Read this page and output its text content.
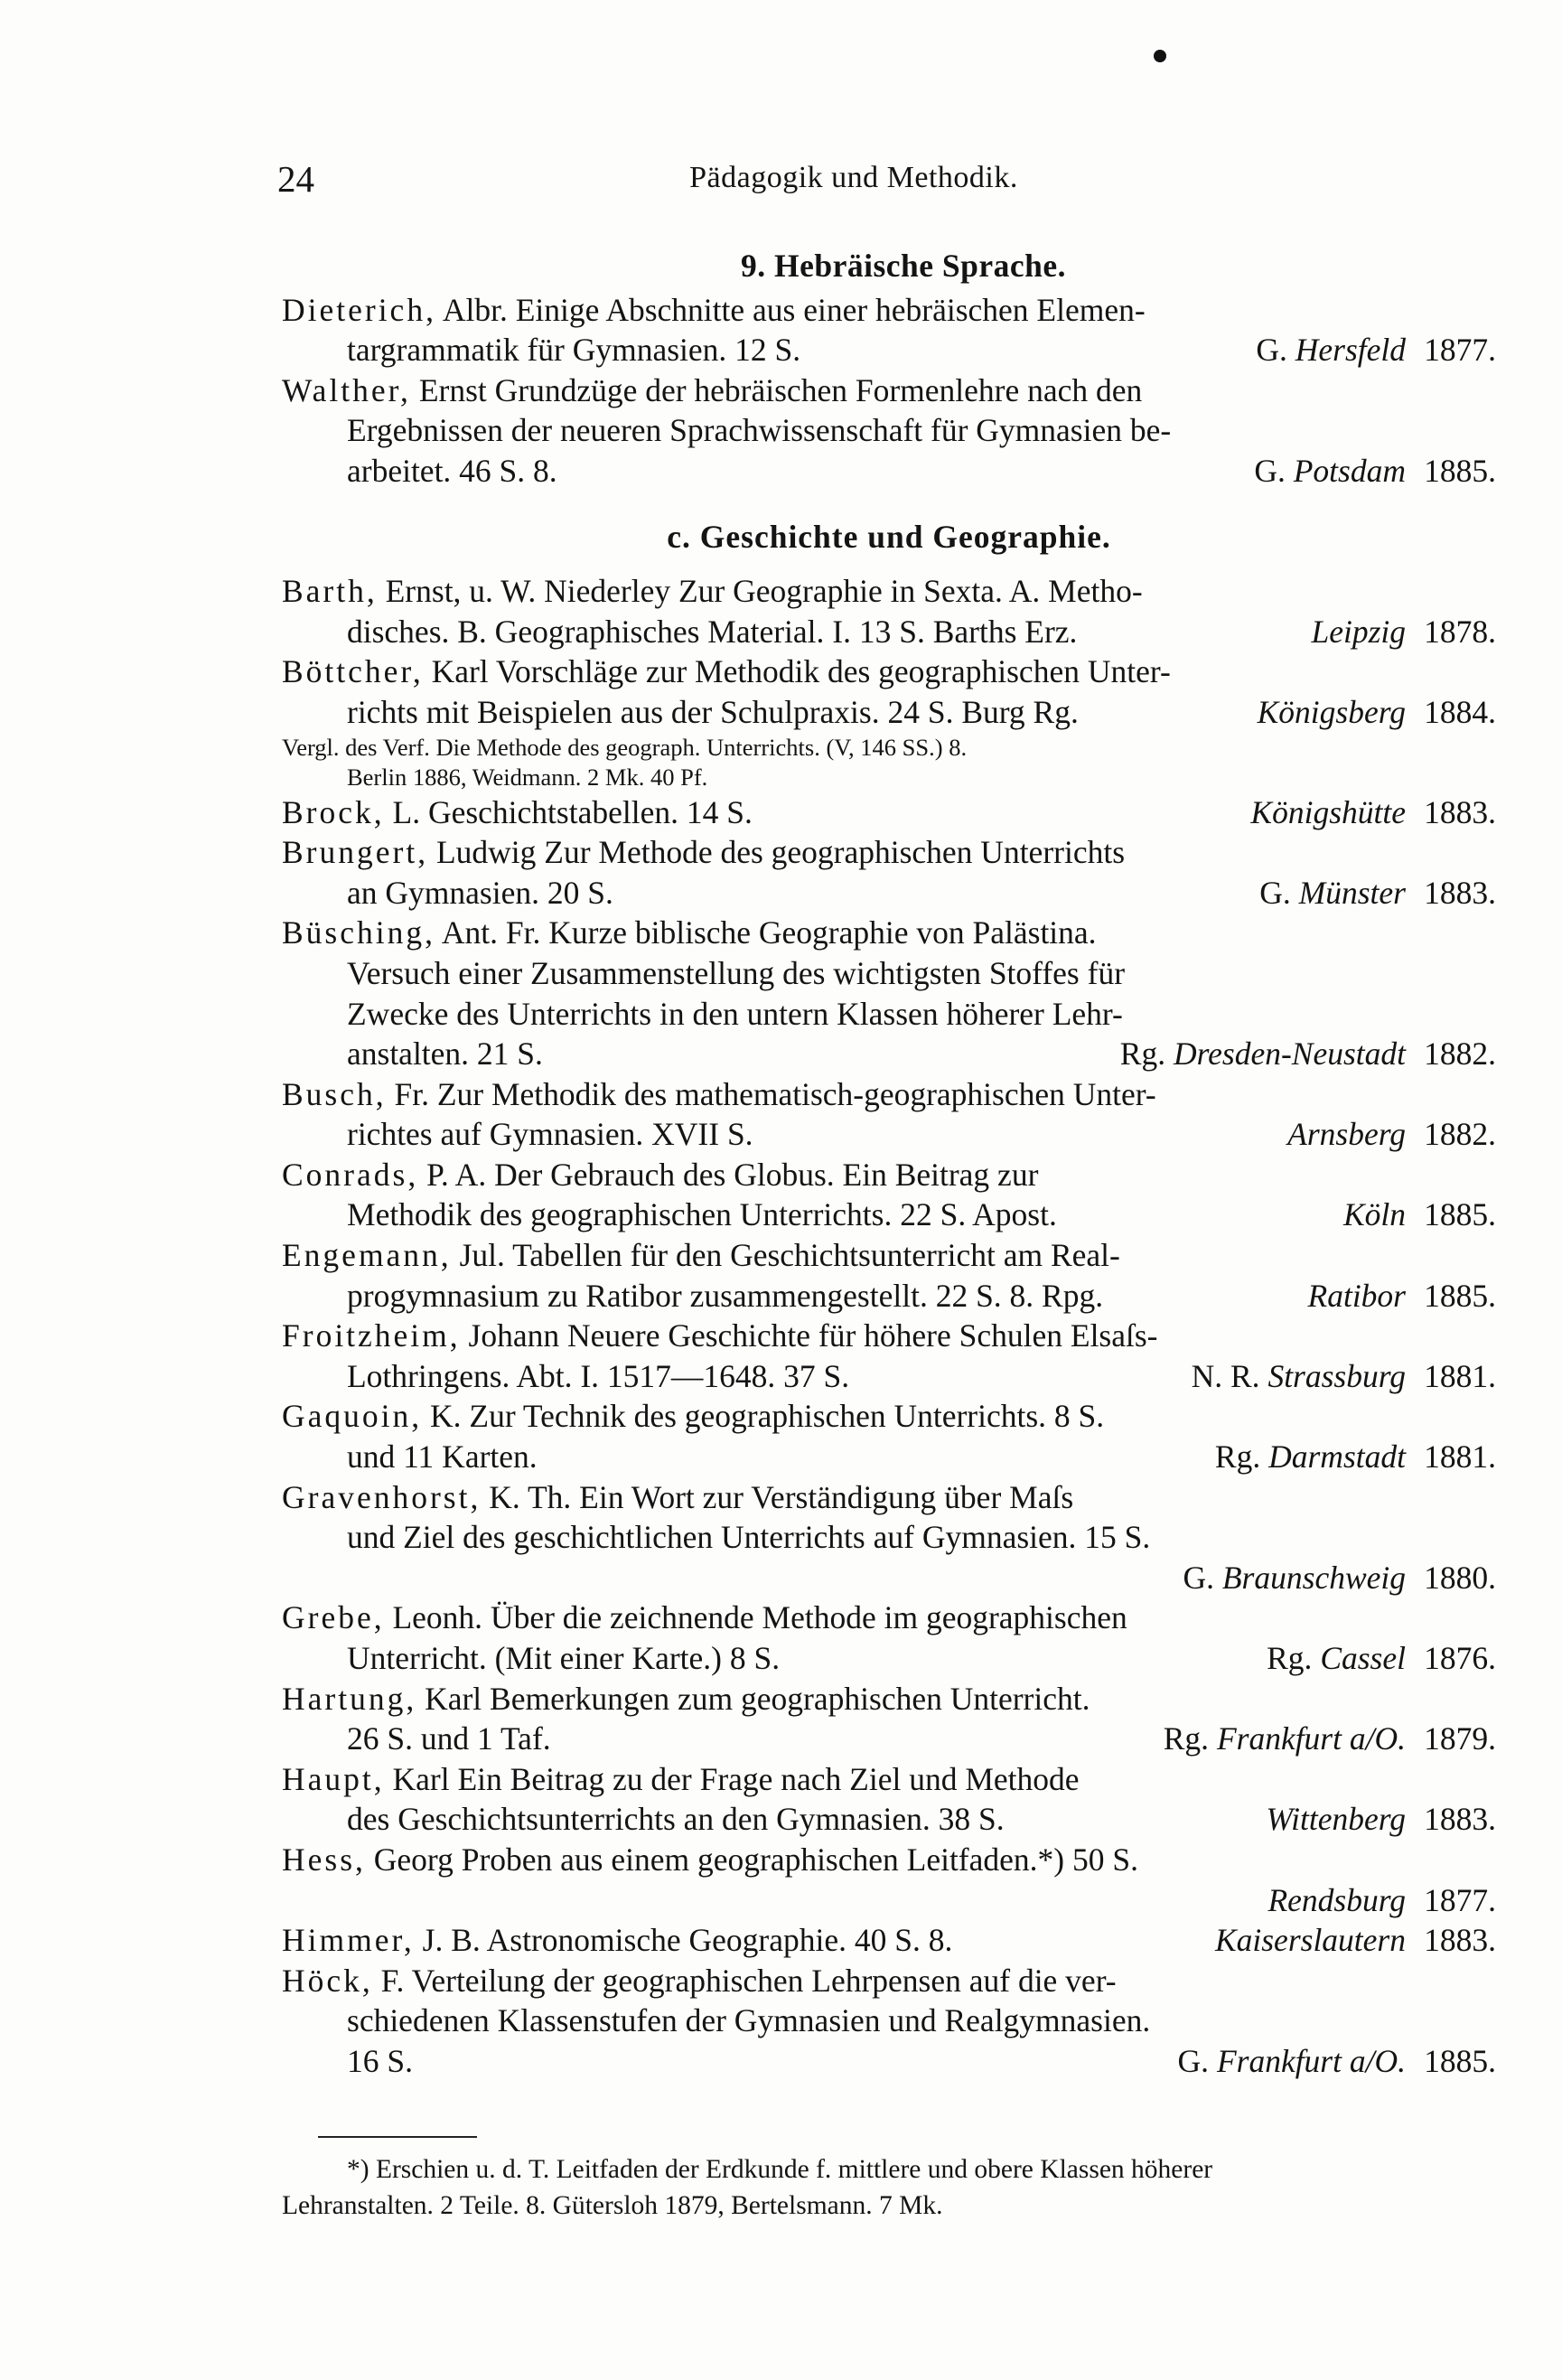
24	Pädagogik und Methodik.
9. Hebräische Sprache.
Dieterich, Albr. Einige Abschnitte aus einer hebräischen Elemen-
targrammatik für Gymnasien. 12 S.	G. Hersfeld 1877.
Walther, Ernst Grundzüge der hebräischen Formenlehre nach den
Ergebnissen der neueren Sprachwissenschaft für Gymnasien be-
arbeitet. 46 S. 8.	G. Potsdam 1885.
c. Geschichte und Geographie.
Barth, Ernst, u. W. Niederley Zur Geographie in Sexta. A. Metho-
disches. B. Geographisches Material. I. 13 S. Barths Erz.	Leipzig 1878.
Böttcher, Karl Vorschläge zur Methodik des geographischen Unter-
richts mit Beispielen aus der Schulpraxis. 24 S. Burg Rg.	Königsberg 1884.
Vergl. des Verf. Die Methode des geograph. Unterrichts. (V, 146 SS.) 8.
Berlin 1886, Weidmann. 2 Mk. 40 Pf.
Brock, L. Geschichtstabellen. 14 S.	Königshütte 1883.
Brungert, Ludwig Zur Methode des geographischen Unterrichts
an Gymnasien. 20 S.	G. Münster 1883.
Büsching, Ant. Fr. Kurze biblische Geographie von Palästina.
Versuch einer Zusammenstellung des wichtigsten Stoffes für
Zwecke des Unterrichts in den untern Klassen höherer Lehr-
anstalten. 21 S.	Rg. Dresden-Neustadt 1882.
Busch, Fr. Zur Methodik des mathematisch-geographischen Unter-
richtes auf Gymnasien. XVII S.	Arnsberg 1882.
Conrads, P. A. Der Gebrauch des Globus. Ein Beitrag zur
Methodik des geographischen Unterrichts. 22 S. Apost.	Köln 1885.
Engemann, Jul. Tabellen für den Geschichtsunterricht am Real-
progymnasium zu Ratibor zusammengestellt. 22 S. 8. Rpg.	Ratibor 1885.
Froitzheim, Johann Neuere Geschichte für höhere Schulen Elsaſs-
Lothringens. Abt. I. 1517—1648. 37 S.	N. R. Strassburg 1881.
Gaquoin, K. Zur Technik des geographischen Unterrichts. 8 S.
und 11 Karten.	Rg. Darmstadt 1881.
Gravenhorst, K. Th. Ein Wort zur Verständigung über Maſs
und Ziel des geschichtlichen Unterrichts auf Gymnasien. 15 S.
G. Braunschweig 1880.
Grebe, Leonh. Über die zeichnende Methode im geographischen
Unterricht. (Mit einer Karte.) 8 S.	Rg. Cassel 1876.
Hartung, Karl Bemerkungen zum geographischen Unterricht.
26 S. und 1 Taf.	Rg. Frankfurt a/O. 1879.
Haupt, Karl Ein Beitrag zu der Frage nach Ziel und Methode
des Geschichtsunterrichts an den Gymnasien. 38 S.	Wittenberg 1883.
Hess, Georg Proben aus einem geographischen Leitfaden.*) 50 S.
Rendsburg 1877.
Himmer, J. B. Astronomische Geographie. 40 S. 8.	Kaiserslautern 1883.
Höck, F. Verteilung der geographischen Lehrpensen auf die ver-
schiedenen Klassenstufen der Gymnasien und Realgymnasien.
16 S.	G. Frankfurt a/O. 1885.
*) Erschien u. d. T. Leitfaden der Erdkunde f. mittlere und obere Klassen höherer
Lehranstalten. 2 Teile. 8. Gütersloh 1879, Bertelsmann. 7 Mk.
